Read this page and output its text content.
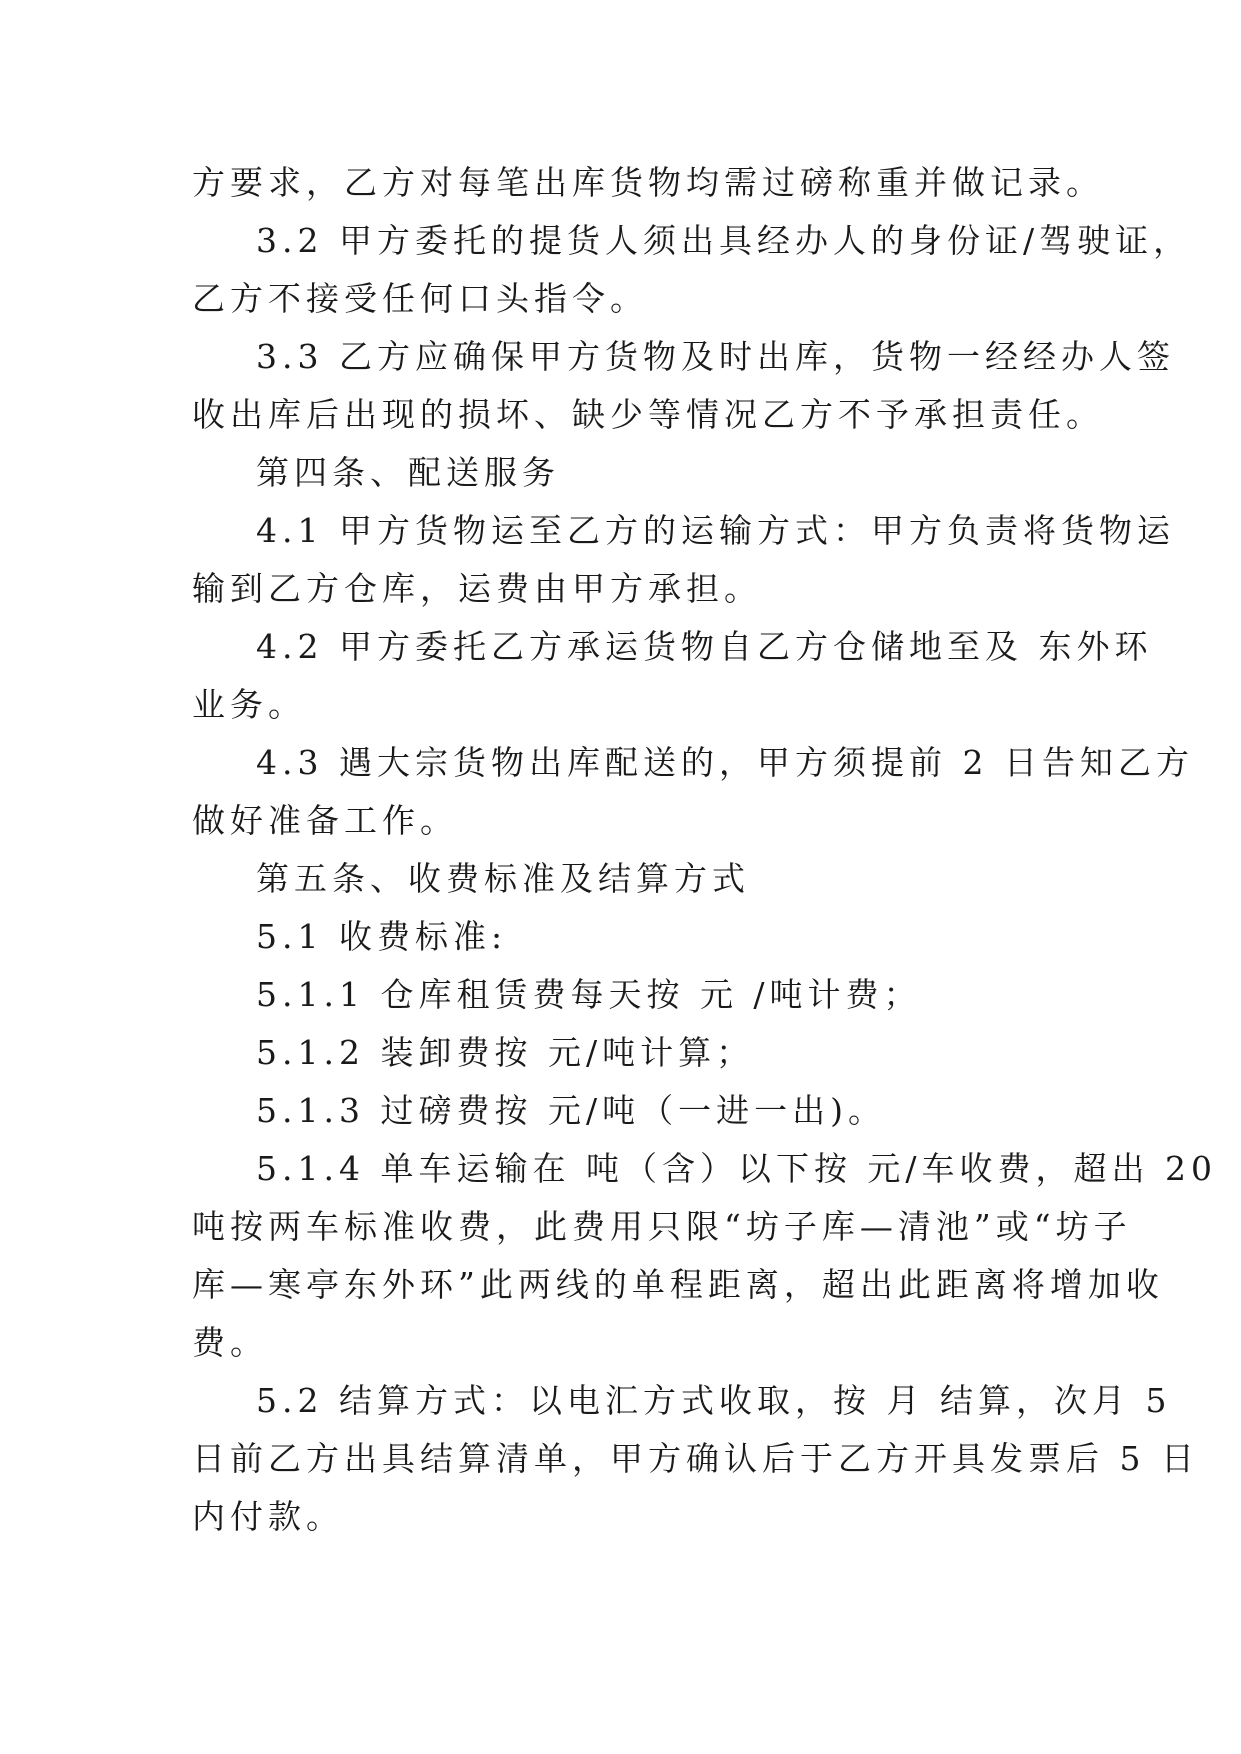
方要求，乙方对每笔出库货物均需过磅称重并做记录。

3.2 甲方委托的提货人须出具经办人的身份证/驾驶证，

乙方不接受任何口头指令。

3.3 乙方应确保甲方货物及时出库，货物一经经办人签

收出库后出现的损坏、缺少等情况乙方不予承担责任。

第四条、配送服务

4.1 甲方货物运至乙方的运输方式：甲方负责将货物运

输到乙方仓库，运费由甲方承担。

4.2 甲方委托乙方承运货物自乙方仓储地至及 东外环

业务。

4.3 遇大宗货物出库配送的，甲方须提前 2 日告知乙方

做好准备工作。

第五条、收费标准及结算方式

5.1 收费标准:

5.1.1 仓库租赁费每天按 元 /吨计费；

5.1.2 装卸费按 元/吨计算；

5.1.3 过磅费按 元/吨（一进一出)。

5.1.4 单车运输在 吨（含）以下按 元/车收费，超出 20

吨按两车标准收费，此费用只限“坊子库—清池”或“坊子

库—寒亭东外环”此两线的单程距离，超出此距离将增加收

费。

5.2 结算方式：以电汇方式收取，按 月 结算，次月 5

日前乙方出具结算清单，甲方确认后于乙方开具发票后 5 日

内付款。
